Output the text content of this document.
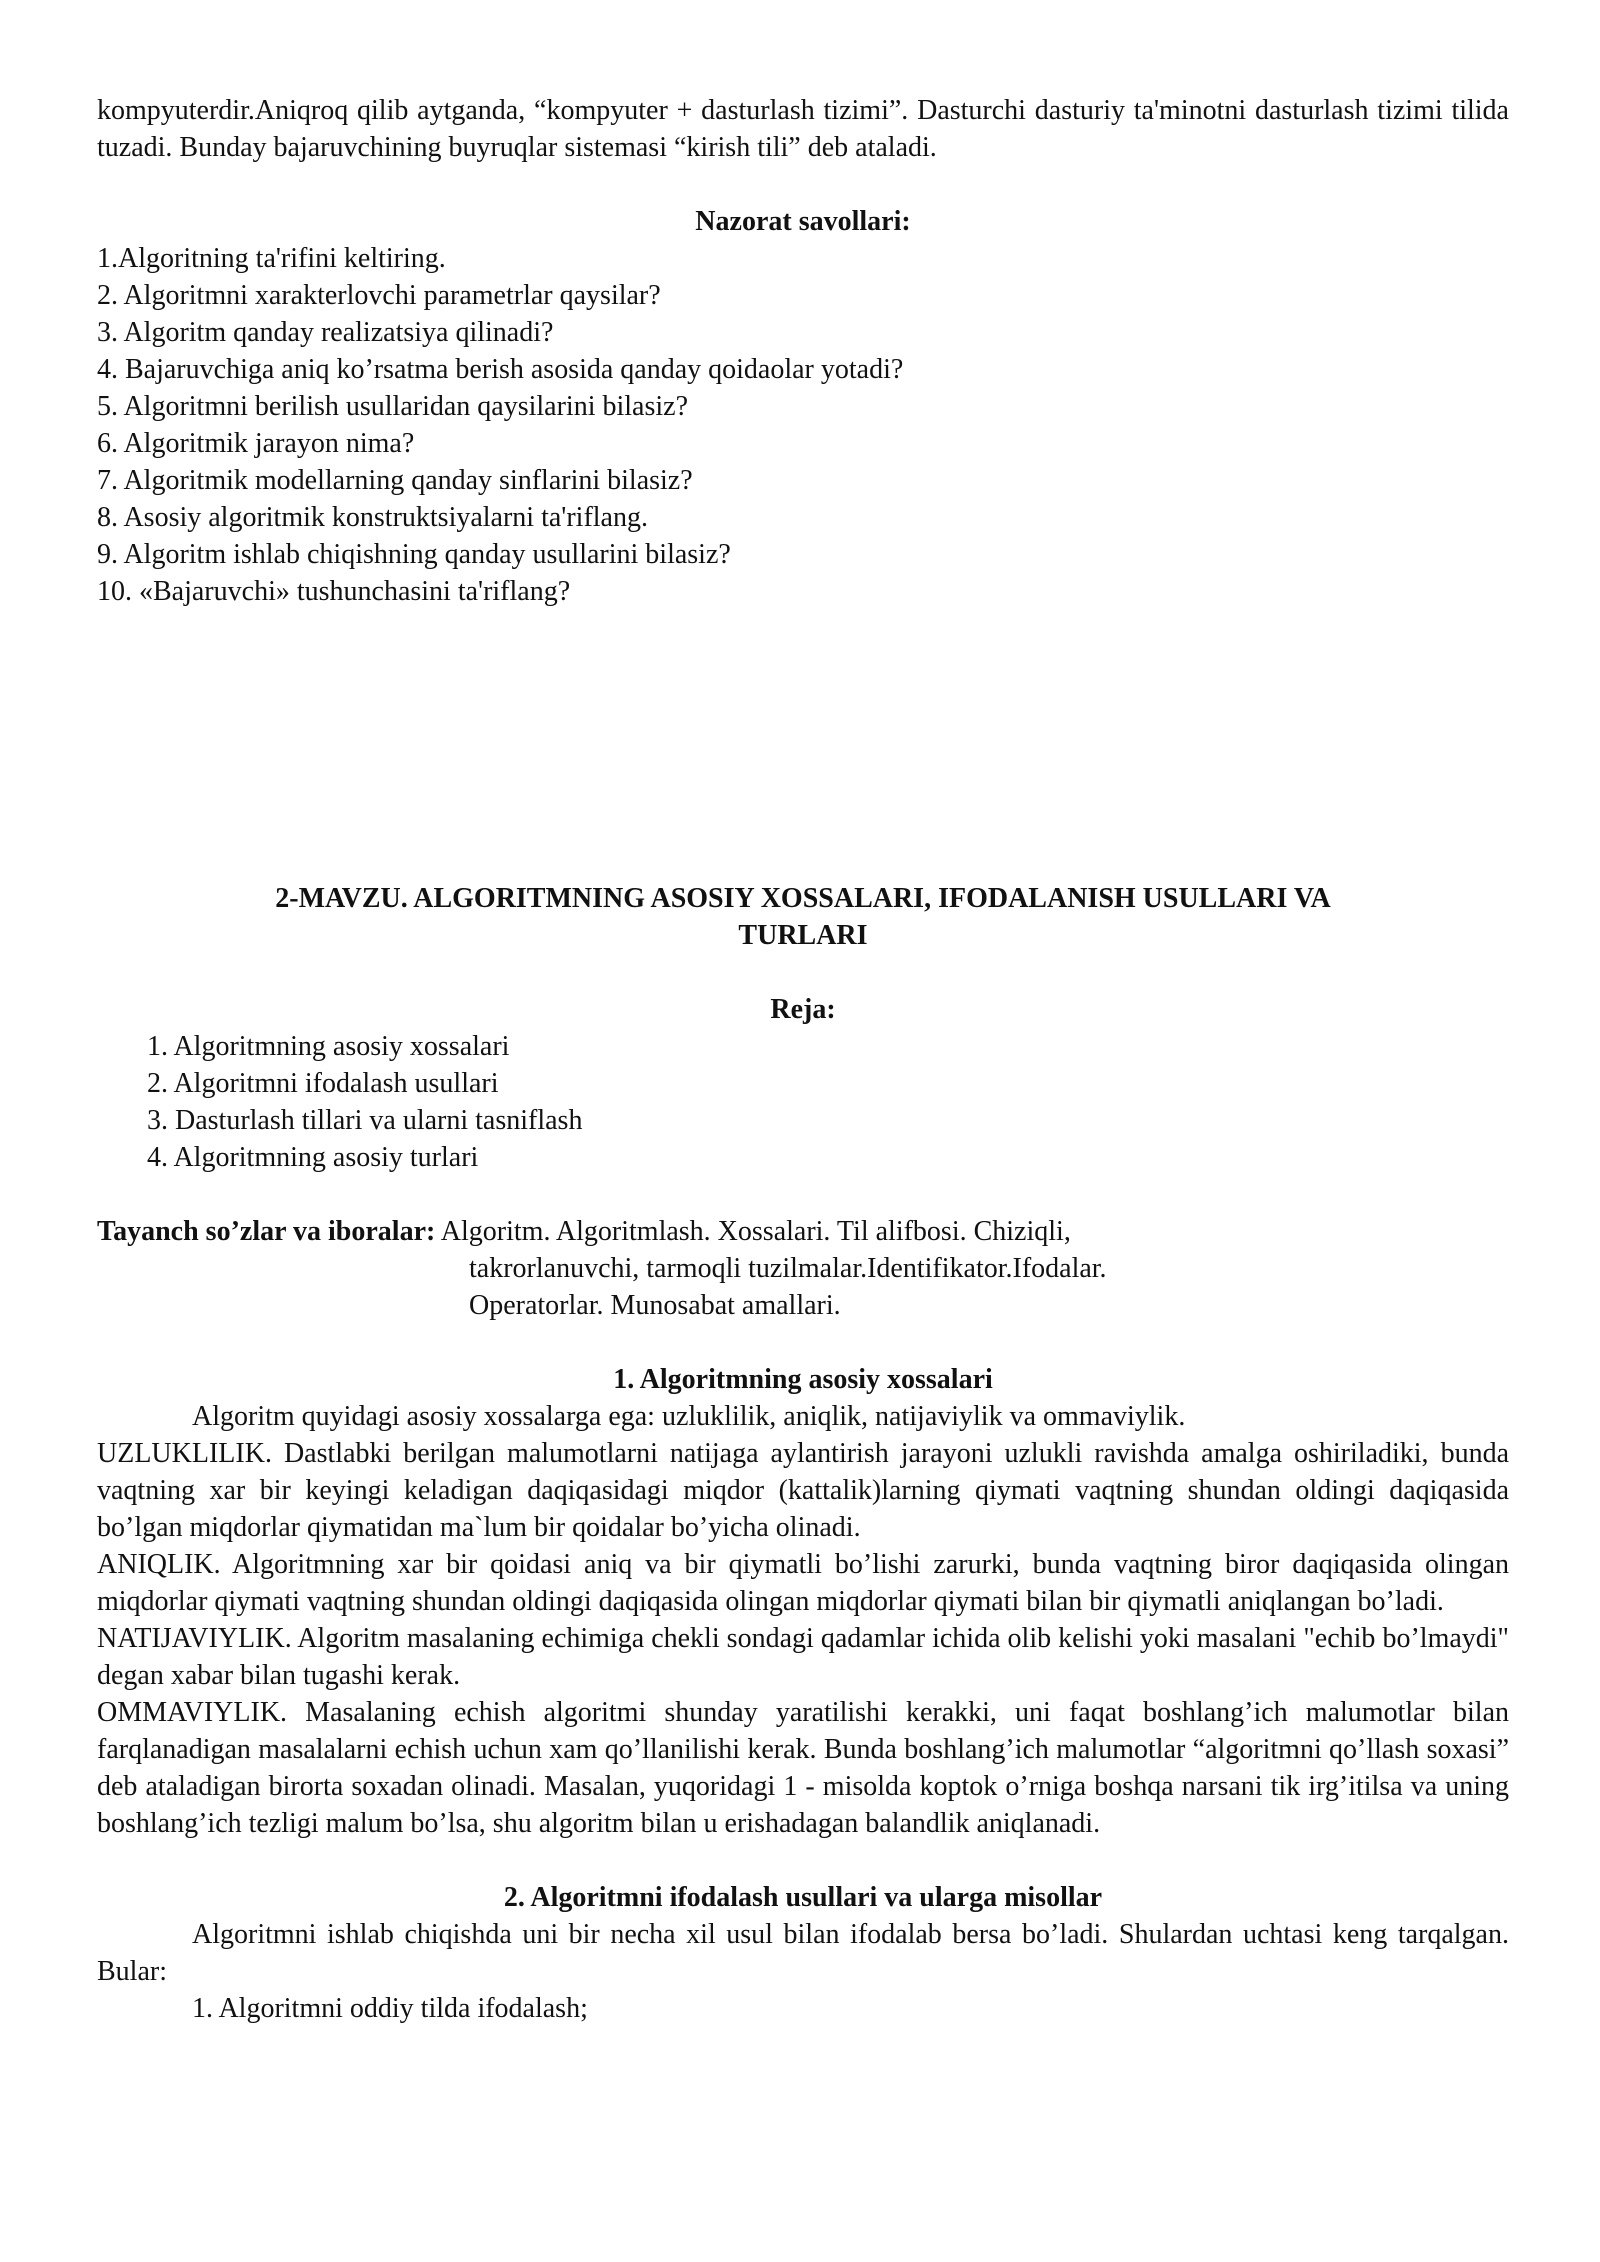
kompyuterdir.Aniqroq qilib aytganda, “kompyuter + dasturlash tizimi”. Dasturchi dasturiy ta'minotni dasturlash tizimi tilida tuzadi. Bunday bajaruvchining buyruqlar sistemasi “kirish tili” deb ataladi.

Nazorat savollari:

1.Algoritning ta'rifini keltiring.
2. Algoritmni xarakterlovchi parametrlar qaysilar?
3. Algoritm qanday realizatsiya qilinadi?
4. Bajaruvchiga aniq ko’rsatma berish asosida qanday qoidaolar yotadi?
5. Algoritmni berilish usullaridan qaysilarini bilasiz?
6. Algoritmik jarayon nima?
7. Algoritmik modellarning qanday sinflarini bilasiz?
8. Asosiy algoritmik konstruktsiyalarni ta'riflang.
9. Algoritm ishlab chiqishning qanday usullarini bilasiz?
10. «Bajaruvchi» tushunchasini ta'riflang?

2-MAVZU. ALGORITMNING ASOSIY XOSSALARI, IFODALANISH USULLARI VA

TURLARI

Reja:

1. Algoritmning asosiy xossalari
2. Algoritmni ifodalash usullari
3. Dasturlash tillari va ularni tasniflash
4. Algoritmning asosiy turlari

Tayanch so’zlar va iboralar: Algoritm. Algoritmlash. Xossalari. Til alifbosi. Chiziqli,

takrorlanuvchi, tarmoqli tuzilmalar.Identifikator.Ifodalar.

Operatorlar. Munosabat amallari.

1. Algoritmning asosiy xossalari

Algoritm quyidagi asosiy xossalarga ega: uzluklilik, aniqlik, natijaviylik va ommaviylik.

UZLUKLILIK. Dastlabki berilgan malumotlarni natijaga aylantirish jarayoni uzlukli ravishda amalga oshiriladiki, bunda vaqtning xar bir keyingi keladigan daqiqasidagi miqdor (kattalik)larning qiymati vaqtning shundan oldingi daqiqasida bo’lgan miqdorlar qiymatidan ma`lum bir qoidalar bo’yicha olinadi.

ANIQLIK. Algoritmning xar bir qoidasi aniq va bir qiymatli bo’lishi zarurki, bunda vaqtning biror daqiqasida olingan miqdorlar qiymati vaqtning shundan oldingi daqiqasida olingan miqdorlar qiymati bilan bir qiymatli aniqlangan bo’ladi.

NATIJAVIYLIK. Algoritm masalaning echimiga chekli sondagi qadamlar ichida olib kelishi yoki masalani "echib bo’lmaydi" degan xabar bilan tugashi kerak.

OMMAVIYLIK. Masalaning echish algoritmi shunday yaratilishi kerakki, uni faqat boshlang’ich malumotlar bilan farqlanadigan masalalarni echish uchun xam qo’llanilishi kerak. Bunda boshlang’ich malumotlar “algoritmni qo’llash soxasi” deb ataladigan birorta soxadan olinadi. Masalan, yuqoridagi 1 - misolda koptok o’rniga boshqa narsani tik irg’itilsa va uning boshlang’ich tezligi malum bo’lsa, shu algoritm bilan u erishadagan balandlik aniqlanadi.

2. Algoritmni ifodalash usullari va ularga misollar

Algoritmni ishlab chiqishda uni bir necha xil usul bilan ifodalab bersa bo’ladi. Shulardan uchtasi keng tarqalgan. Bular:

1. Algoritmni oddiy tilda ifodalash;
